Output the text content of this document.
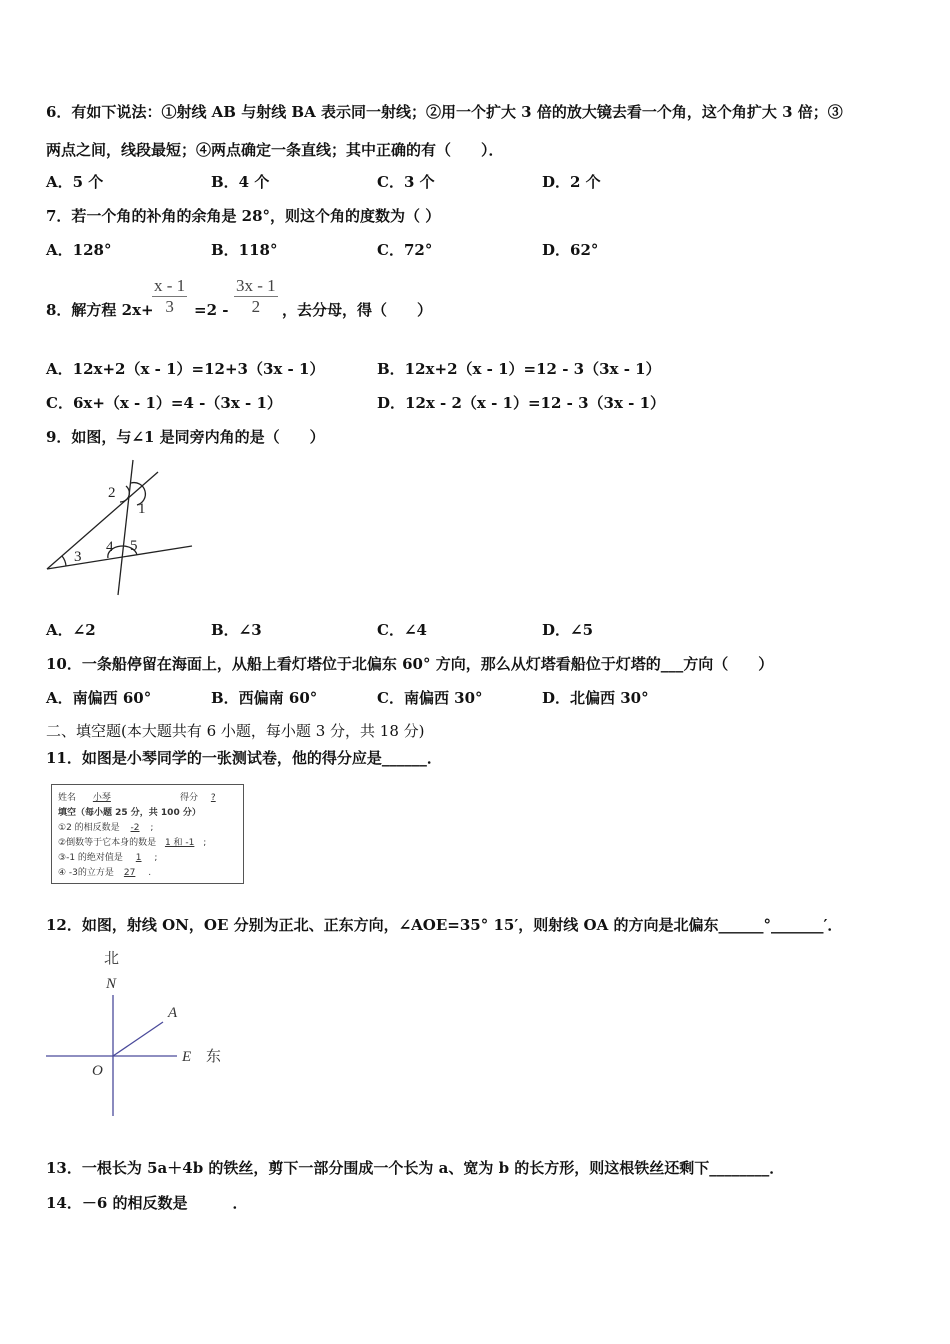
6．有如下说法：①射线 AB 与射线 BA 表示同一射线；②用一个扩大 3 倍的放大镜去看一个角，这个角扩大 3 倍；③
两点之间，线段最短；④两点确定一条直线；其中正确的有（　　）．
A．5 个	B．4 个	C．3 个	D．2 个
7．若一个角的补角的余角是 28°，则这个角的度数为（ ）
A．128°	B．118°	C．72°	D．62°
8．解方程 2x+
$\frac{x - 1}{3} =2 - \frac{3x - 1}{2}$ ，去分母，得（　　）
A．12x+2（x - 1）=12+3（3x - 1）	B．12x+2（x - 1）=12 - 3（3x - 1）
C．6x+（x - 1）=4 -（3x - 1）	D．12x - 2（x - 1）=12 - 3（3x - 1）
9．如图，与∠1 是同旁内角的是（　　）
1
2
3
4 5
A．∠2	B．∠3	C．∠4	D．∠5
10．一条船停留在海面上，从船上看灯塔位于北偏东 60° 方向，那么从灯塔看船位于灯塔的___方向（　　）
A．南偏西 60°	B．西偏南 60°	C．南偏西 30°	D．北偏西 30°
二、填空题(本大题共有 6 小题，每小题 3 分，共 18 分)
11．如图是小琴同学的一张测试卷，他的得分应是______．
姓名 小琴	得分 ?
填空（每小题 25 分，共 100 分）
①2 的相反数是 -2 ;
②倒数等于它本身的数是 1 和 -1 ;
③-1 的绝对值是 1 ;
④ -3的立方是 27 .
12．如图，射线 ON，OE 分别为正北、正东方向，∠AOE=35° 15′，则射线 OA 的方向是北偏东______°_______′．
北
N
A
E 东
O
13．一根长为 5a＋4b 的铁丝，剪下一部分围成一个长为 a、宽为 b 的长方形，则这根铁丝还剩下________．
14．－6 的相反数是　　　．
